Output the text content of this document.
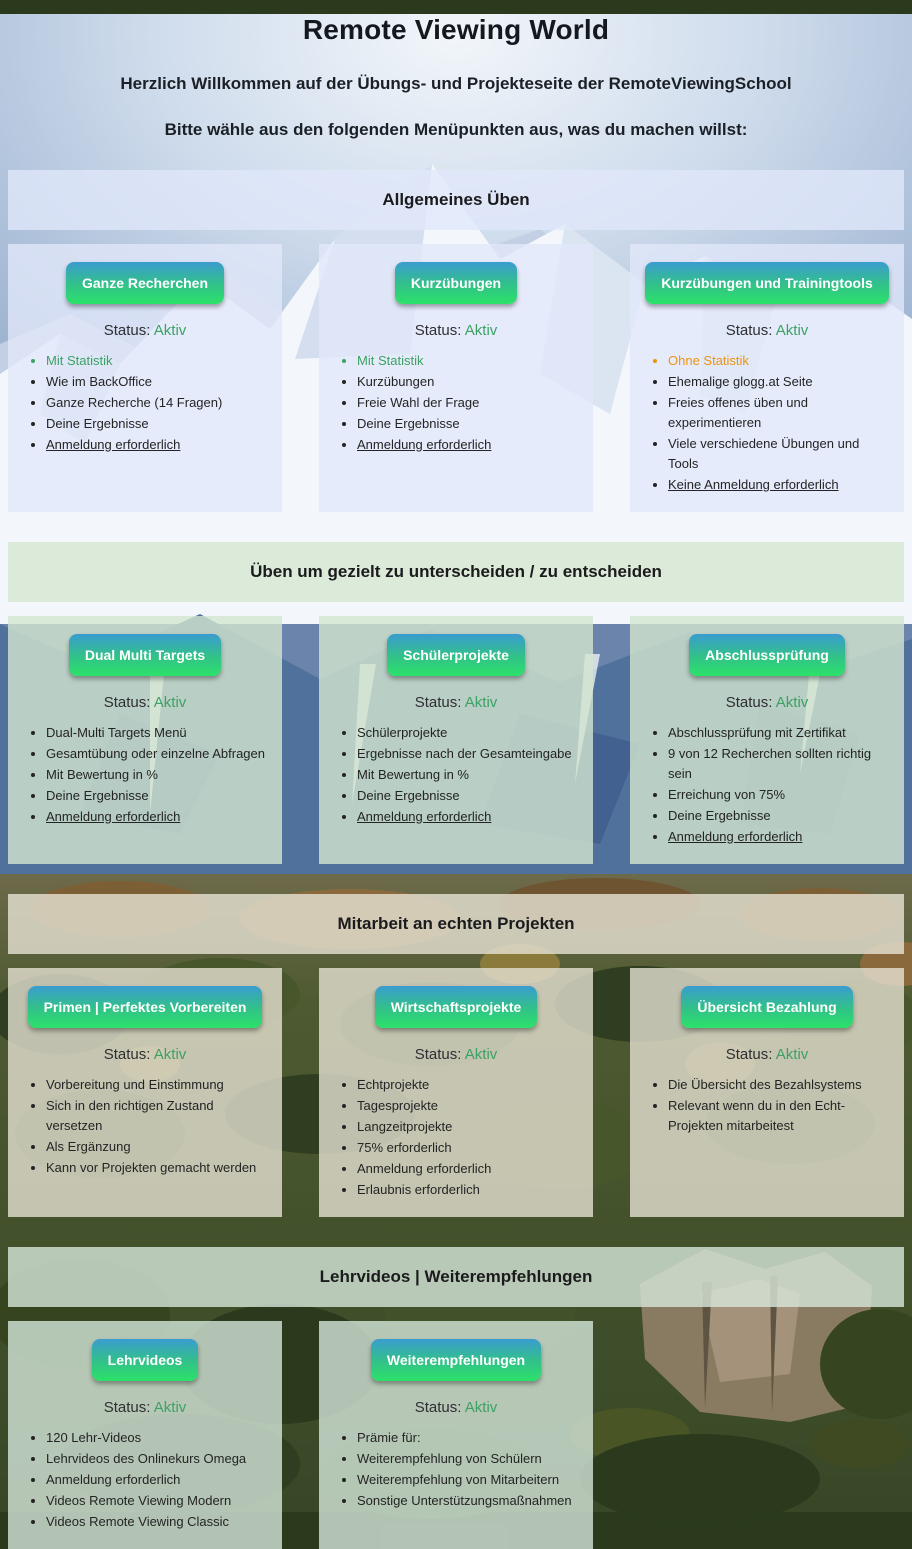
Remote Viewing World

Herzlich Willkommen auf der Übungs- und Projekteseite der RemoteViewingSchool

Bitte wähle aus den folgenden Menüpunkten aus, was du machen willst:

Allgemeines Üben
Ganze Recherchen
Status: Aktiv
• Mit Statistik
• Wie im BackOffice
• Ganze Recherche (14 Fragen)
• Deine Ergebnisse
• Anmeldung erforderlich
Kurzübungen
Status: Aktiv
• Mit Statistik
• Kurzübungen
• Freie Wahl der Frage
• Deine Ergebnisse
• Anmeldung erforderlich
Kurzübungen und Trainingtools
Status: Aktiv
• Ohne Statistik
• Ehemalige glogg.at Seite
• Freies offenes üben und experimentieren
• Viele verschiedene Übungen und Tools
• Keine Anmeldung erforderlich
Üben um gezielt zu unterscheiden / zu entscheiden
Dual Multi Targets
Status: Aktiv
• Dual-Multi Targets Menü
• Gesamtübung oder einzelne Abfragen
• Mit Bewertung in %
• Deine Ergebnisse
• Anmeldung erforderlich
Schülerprojekte
Status: Aktiv
• Schülerprojekte
• Ergebnisse nach der Gesamteingabe
• Mit Bewertung in %
• Deine Ergebnisse
• Anmeldung erforderlich
Abschlussprüfung
Status: Aktiv
• Abschlussprüfung mit Zertifikat
• 9 von 12 Recherchen sollten richtig sein
• Erreichung von 75%
• Deine Ergebnisse
• Anmeldung erforderlich
Mitarbeit an echten Projekten
Primen | Perfektes Vorbereiten
Status: Aktiv
• Vorbereitung und Einstimmung
• Sich in den richtigen Zustand versetzen
• Als Ergänzung
• Kann vor Projekten gemacht werden
Wirtschaftsprojekte
Status: Aktiv
• Echtprojekte
• Tagesprojekte
• Langzeitprojekte
• 75% erforderlich
• Anmeldung erforderlich
• Erlaubnis erforderlich
Übersicht Bezahlung
Status: Aktiv
• Die Übersicht des Bezahlsystems
• Relevant wenn du in den Echt-Projekten mitarbeitest
Lehrvideos | Weiterempfehlungen
Lehrvideos
Status: Aktiv
• 120 Lehr-Videos
• Lehrvideos des Onlinekurs Omega
• Anmeldung erforderlich
• Videos Remote Viewing Modern
• Videos Remote Viewing Classic
Weiterempfehlungen
Status: Aktiv
• Prämie für:
• Weiterempfehlung von Schülern
• Weiterempfehlung von Mitarbeitern
• Sonstige Unterstützungsmaßnahmen
